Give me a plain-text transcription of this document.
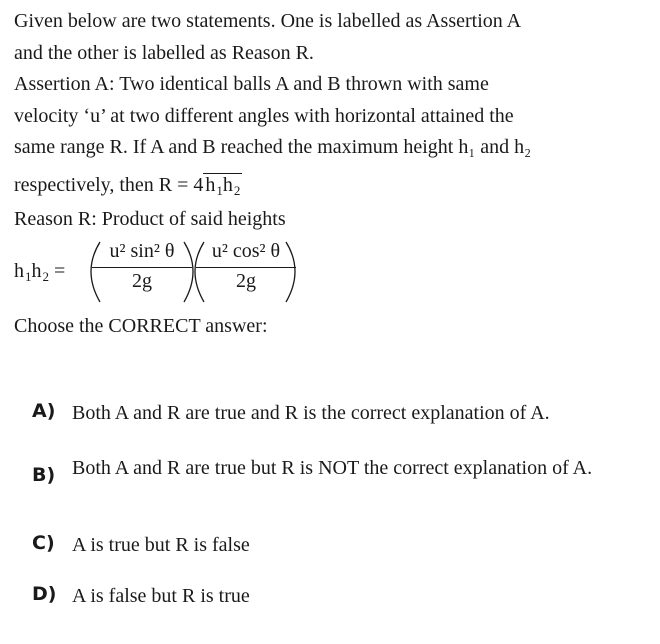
Given below are two statements. One is labelled as Assertion A

and the other is labelled as Reason R.

Assertion A: Two identical balls A and B thrown with same

velocity ‘u’ at two different angles with horizontal attained the

same range R. If A and B reached the maximum height h₁ and h₂

respectively, then R = 4 $h_1h_2$

Reason R: Product of said heights

$h_1h_2$ =
u² sin² θ
2g
u² cos² θ
2g
Choose the CORRECT answer:
A) Both A and R are true and R is the correct explanation of A.
B) Both A and R are true but R is NOT the correct explanation of A.
C) A is true but R is false
D) A is false but R is true
